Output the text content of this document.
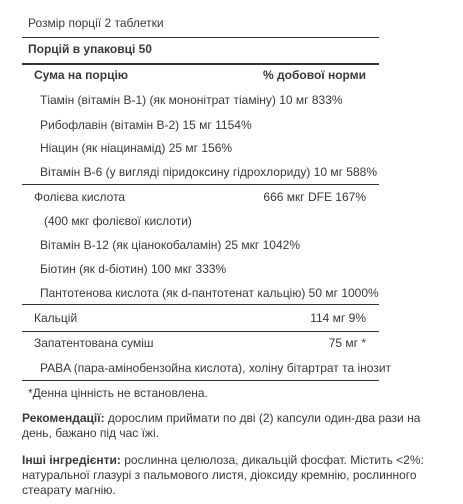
Розмір порції 2 таблетки
Порцій в упаковці 50
Сума на порцію	% добової норми
Тіамін (вітамін В-1) (як мононітрат тіаміну) 10 мг 833%
Рибофлавін (вітамін В-2) 15 мг 1154%
Ніацин (як ніацинамід) 25 мг 156%
Вітамін В-6 (у вигляді піридоксину гідрохлориду) 10 мг 588%
Фолієва кислота	666 мкг DFE 167%
(400 мкг фолієвої кислоти)
Вітамін В-12 (як ціанокобаламін) 25 мкг 1042%
Біотин (як d-біотин) 100 мкг 333%
Пантотенова кислота (як d-пантотенат кальцію) 50 мг 1000%
Кальцій	114 мг 9%
Запатентована суміш	75 мг *
PABA (пара-амінобензойна кислота), холіну бітартрат та інозит
*Денна цінність не встановлена.
Рекомендації: дорослим приймати по дві (2) капсули один-два рази на день, бажано під час їжі.
Інші інгредієнти: рослинна целюлоза, дикальцій фосфат. Містить <2%: натуральної глазурі з пальмового листя, діоксиду кремнію, рослинного стеарату магнію.
